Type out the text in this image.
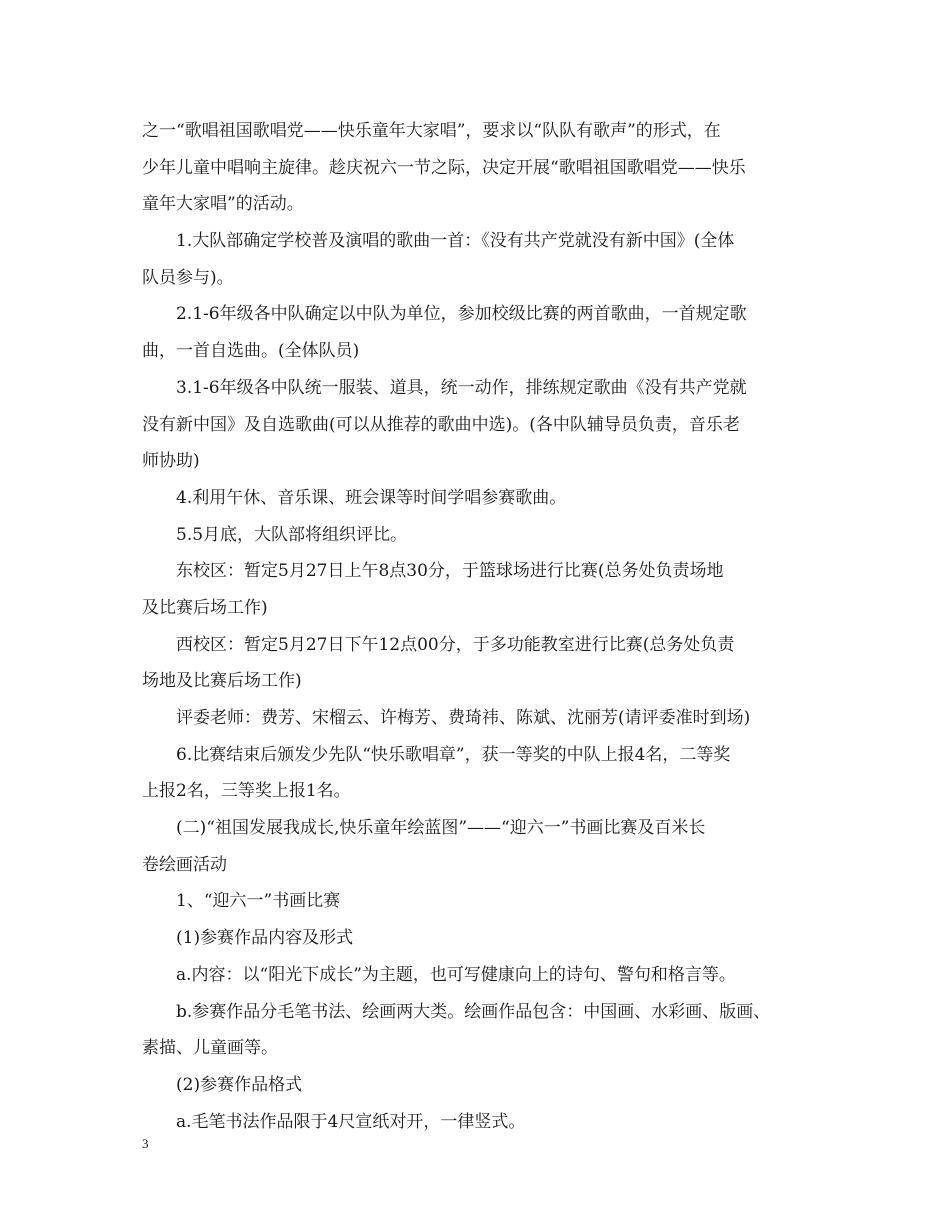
之一“歌唱祖国歌唱党——快乐童年大家唱”，要求以“队队有歌声”的形式，在
少年儿童中唱响主旋律。趁庆祝六一节之际，决定开展“歌唱祖国歌唱党——快乐
童年大家唱”的活动。
1.大队部确定学校普及演唱的歌曲一首：《没有共产党就没有新中国》(全体
队员参与)。
2.1-6年级各中队确定以中队为单位，参加校级比赛的两首歌曲，一首规定歌
曲，一首自选曲。(全体队员)
3.1-6年级各中队统一服装、道具，统一动作，排练规定歌曲《没有共产党就
没有新中国》及自选歌曲(可以从推荐的歌曲中选)。(各中队辅导员负责，音乐老
师协助)
4.利用午休、音乐课、班会课等时间学唱参赛歌曲。
5.5月底，大队部将组织评比。
东校区：暂定5月27日上午8点30分，于篮球场进行比赛(总务处负责场地
及比赛后场工作)
西校区：暂定5月27日下午12点00分，于多功能教室进行比赛(总务处负责
场地及比赛后场工作)
评委老师：费芳、宋榴云、许梅芳、费琦祎、陈斌、沈丽芳(请评委准时到场)
6.比赛结束后颁发少先队“快乐歌唱章”，获一等奖的中队上报4名，二等奖
上报2名，三等奖上报1名。
(二)“祖国发展我成长,快乐童年绘蓝图”——“迎六一”书画比赛及百米长
卷绘画活动
1、“迎六一”书画比赛
(1)参赛作品内容及形式
a.内容：以“阳光下成长”为主题，也可写健康向上的诗句、警句和格言等。
b.参赛作品分毛笔书法、绘画两大类。绘画作品包含：中国画、水彩画、版画、
素描、儿童画等。
(2)参赛作品格式
a.毛笔书法作品限于4尺宣纸对开，一律竖式。
3
